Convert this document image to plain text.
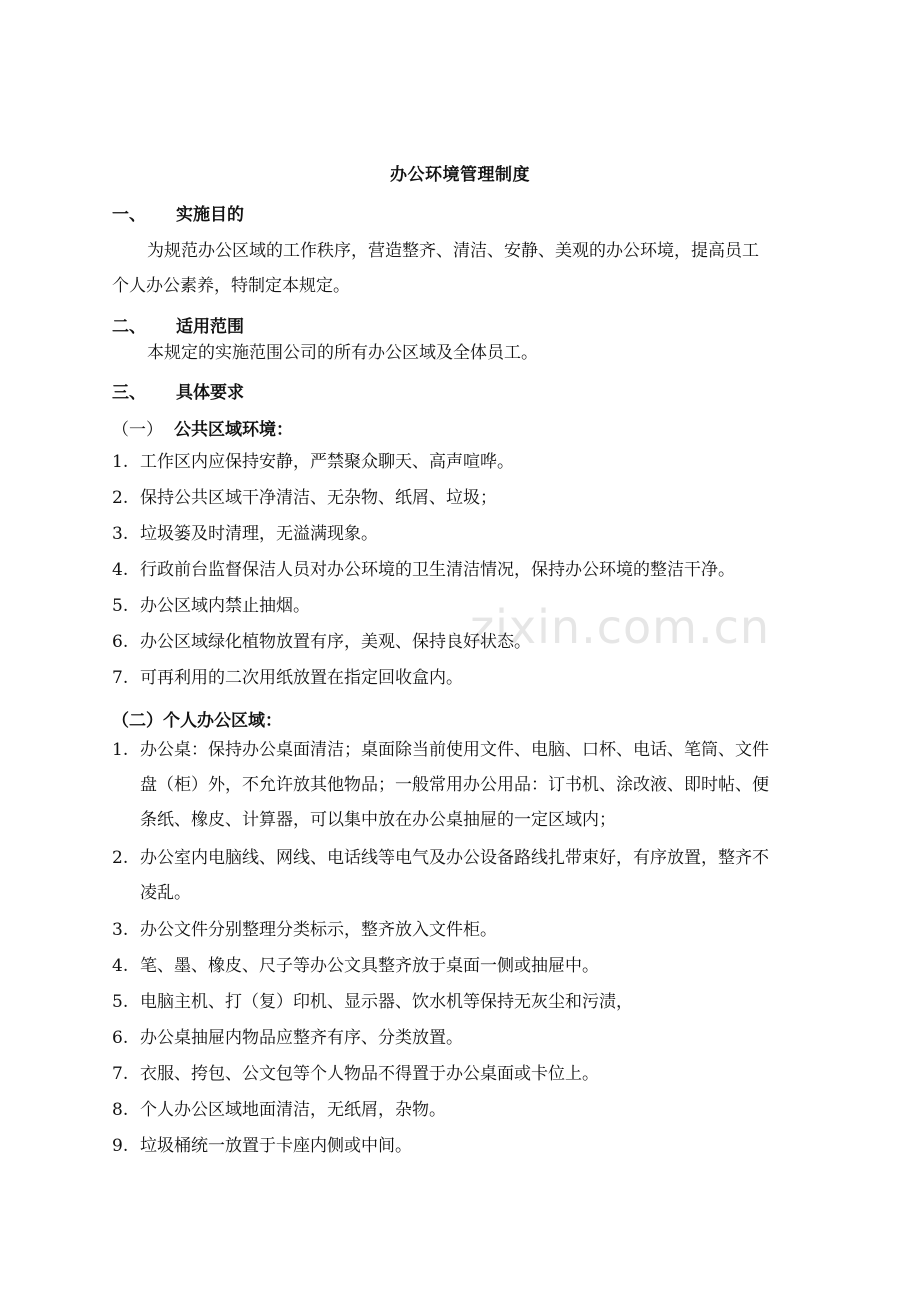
zixin.com.cn
办公环境管理制度
一、 实施目的
为规范办公区域的工作秩序，营造整齐、清洁、安静、美观的办公环境，提高员工
个人办公素养，特制定本规定。
二、 适用范围
本规定的实施范围公司的所有办公区域及全体员工。
三、 具体要求
（一） 公共区域环境：
1. 工作区内应保持安静，严禁聚众聊天、高声喧哗。
2. 保持公共区域干净清洁、无杂物、纸屑、垃圾；
3. 垃圾篓及时清理，无溢满现象。
4. 行政前台监督保洁人员对办公环境的卫生清洁情况，保持办公环境的整洁干净。
5. 办公区域内禁止抽烟。
6. 办公区域绿化植物放置有序，美观、保持良好状态。
7. 可再利用的二次用纸放置在指定回收盒内。
（二）个人办公区域：
1. 办公桌：保持办公桌面清洁；桌面除当前使用文件、电脑、口杯、电话、笔筒、文件
盘（柜）外，不允许放其他物品；一般常用办公用品：订书机、涂改液、即时帖、便
条纸、橡皮、计算器，可以集中放在办公桌抽屉的一定区域内；
2. 办公室内电脑线、网线、电话线等电气及办公设备路线扎带束好，有序放置，整齐不
凌乱。
3. 办公文件分别整理分类标示，整齐放入文件柜。
4. 笔、墨、橡皮、尺子等办公文具整齐放于桌面一侧或抽屉中。
5. 电脑主机、打（复）印机、显示器、饮水机等保持无灰尘和污渍，
6. 办公桌抽屉内物品应整齐有序、分类放置。
7. 衣服、挎包、公文包等个人物品不得置于办公桌面或卡位上。
8. 个人办公区域地面清洁，无纸屑，杂物。
9. 垃圾桶统一放置于卡座内侧或中间。
